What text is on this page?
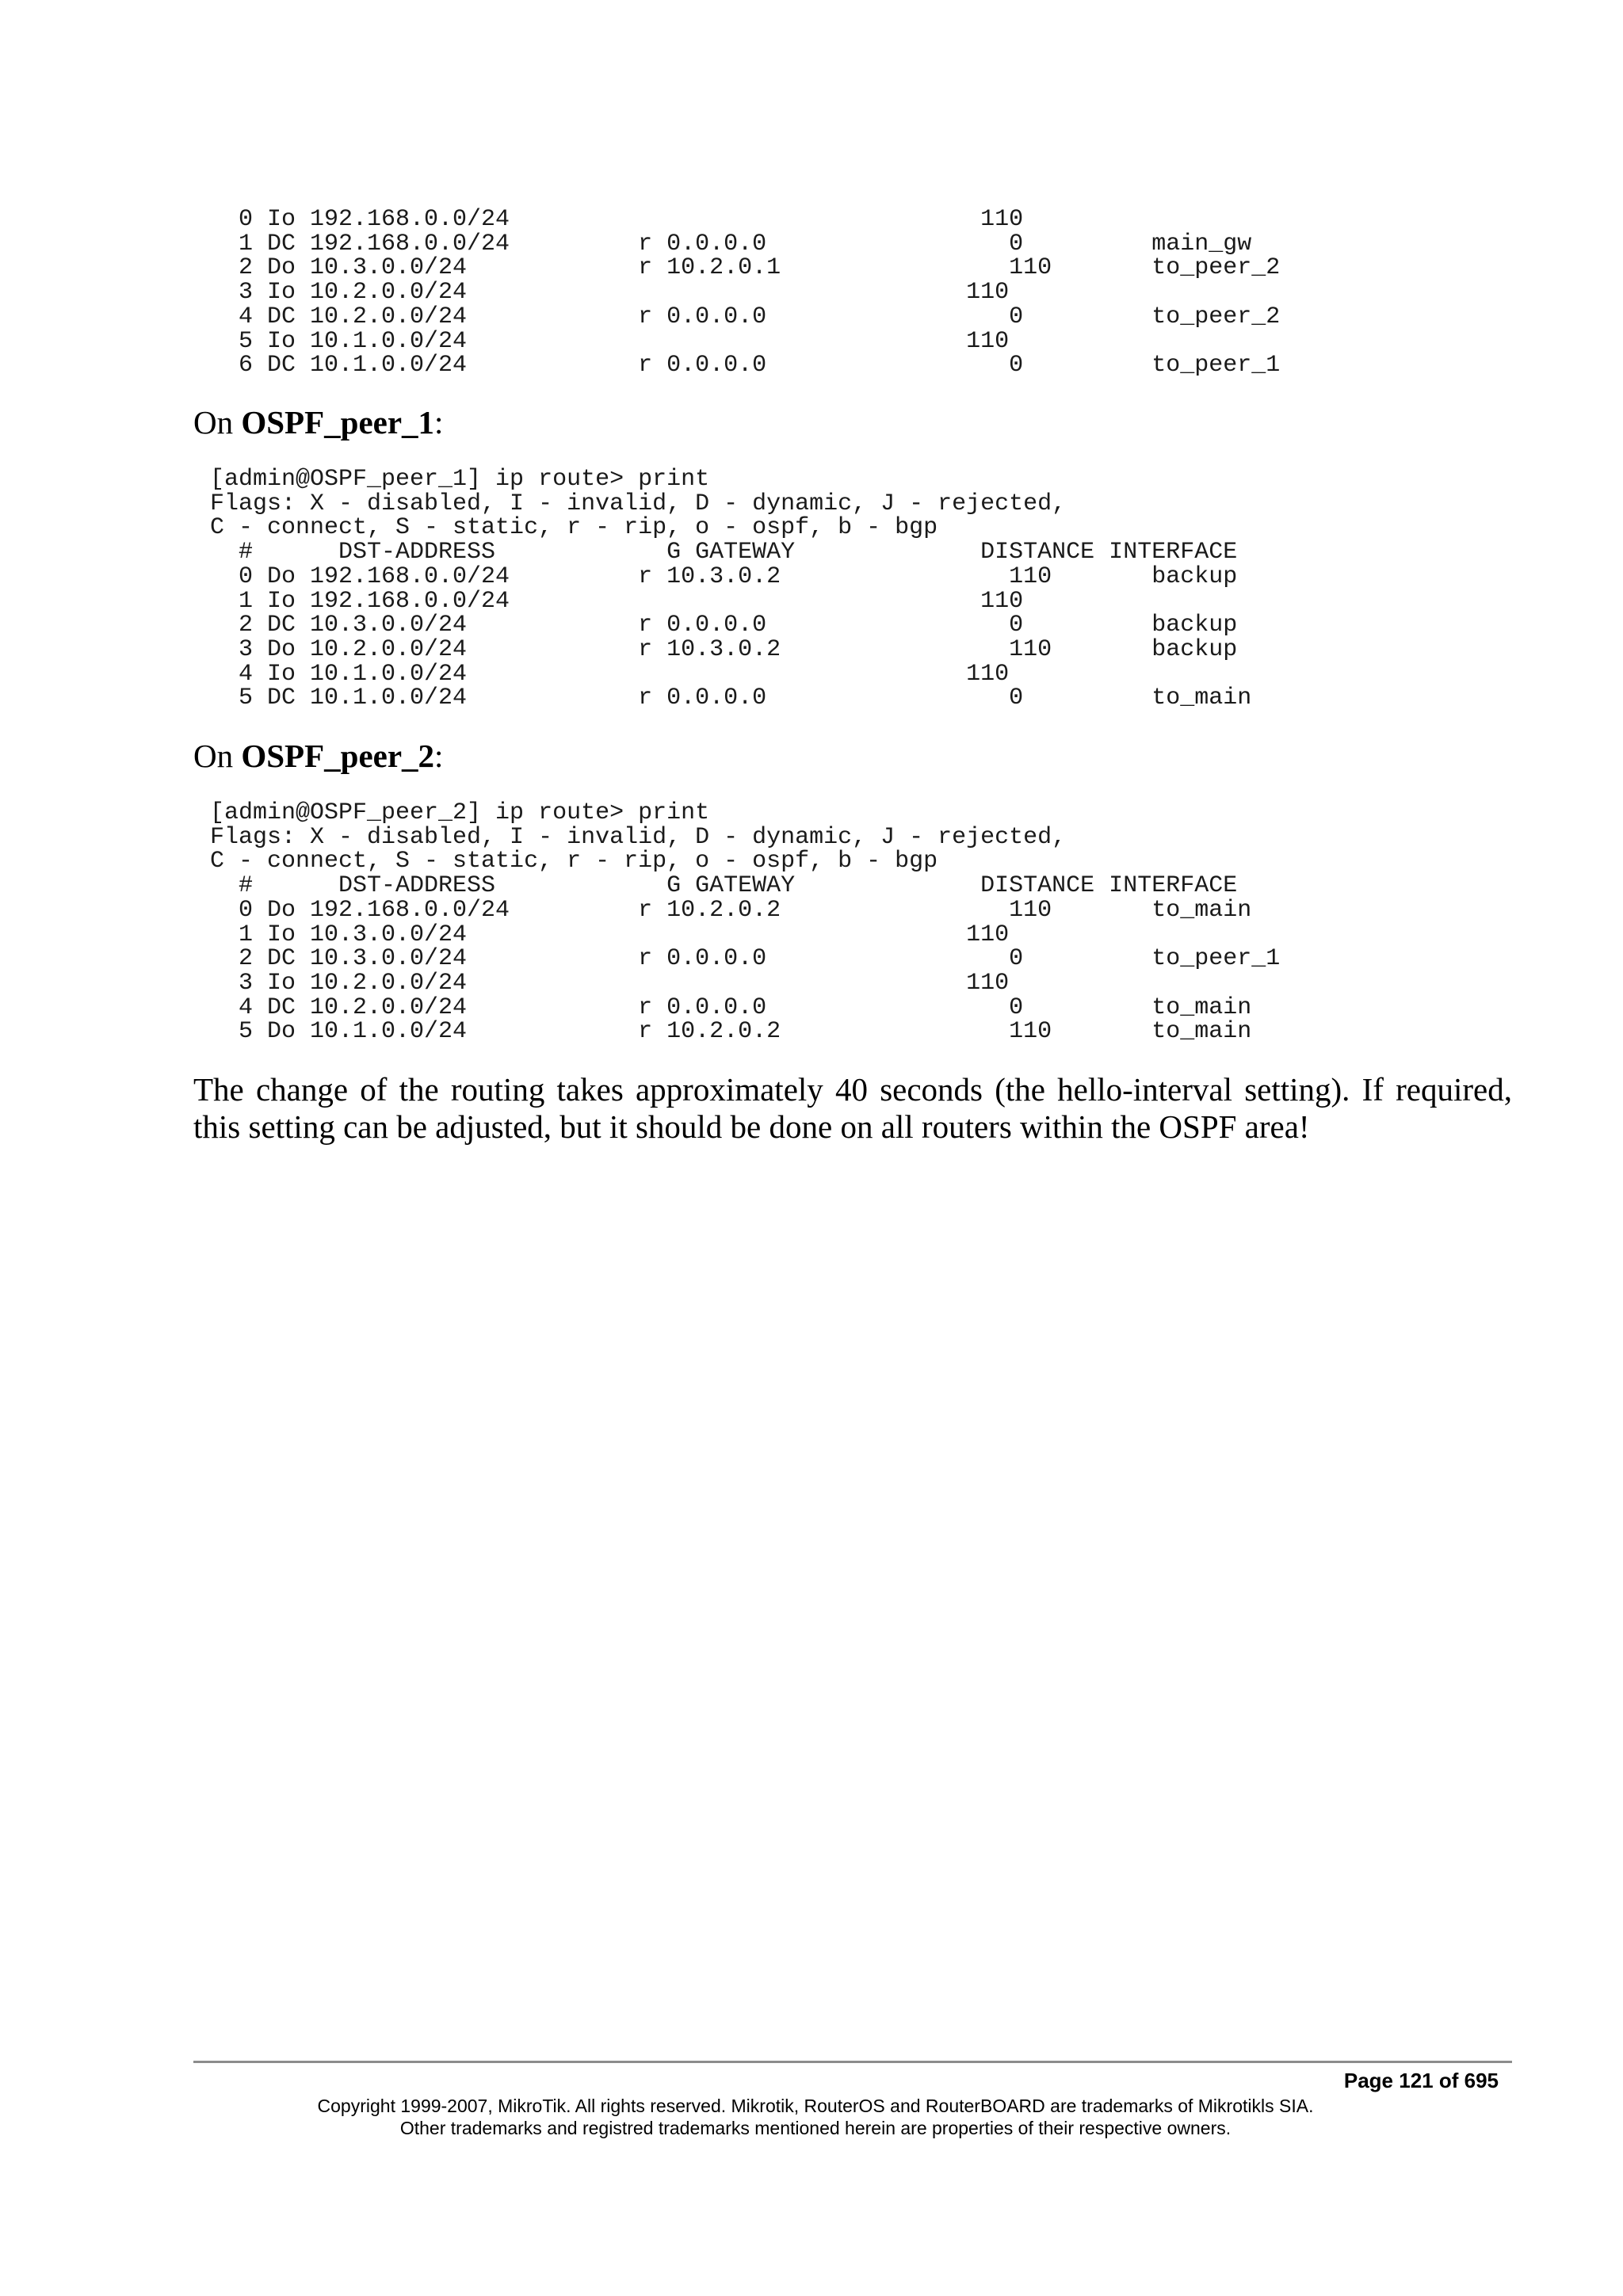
0 Io 192.168.0.0/24                                 110
1 DC 192.168.0.0/24         r 0.0.0.0                 0         main_gw
2 Do 10.3.0.0/24            r 10.2.0.1                110       to_peer_2
3 Io 10.2.0.0/24                                   110
4 DC 10.2.0.0/24            r 0.0.0.0                 0         to_peer_2
5 Io 10.1.0.0/24                                   110
6 DC 10.1.0.0/24            r 0.0.0.0                 0         to_peer_1

On OSPF_peer_1:

[admin@OSPF_peer_1] ip route> print
Flags: X - disabled, I - invalid, D - dynamic, J - rejected,
C - connect, S - static, r - rip, o - ospf, b - bgp
#      DST-ADDRESS            G GATEWAY             DISTANCE INTERFACE
0 Do 192.168.0.0/24         r 10.3.0.2                110       backup
1 Io 192.168.0.0/24                                 110
2 DC 10.3.0.0/24            r 0.0.0.0                 0         backup
3 Do 10.2.0.0/24            r 10.3.0.2                110       backup
4 Io 10.1.0.0/24                                   110
5 DC 10.1.0.0/24            r 0.0.0.0                 0         to_main

On OSPF_peer_2:

[admin@OSPF_peer_2] ip route> print
Flags: X - disabled, I - invalid, D - dynamic, J - rejected,
C - connect, S - static, r - rip, o - ospf, b - bgp
#      DST-ADDRESS            G GATEWAY             DISTANCE INTERFACE
0 Do 192.168.0.0/24         r 10.2.0.2                110       to_main
1 Io 10.3.0.0/24                                   110
2 DC 10.3.0.0/24            r 0.0.0.0                 0         to_peer_1
3 Io 10.2.0.0/24                                   110
4 DC 10.2.0.0/24            r 0.0.0.0                 0         to_main
5 Do 10.1.0.0/24            r 10.2.0.2                110       to_main

The change of the routing takes approximately 40 seconds (the hello-interval setting). If required, this setting can be adjusted, but it should be done on all routers within the OSPF area!

Page 121 of 695

Copyright 1999-2007, MikroTik. All rights reserved. Mikrotik, RouterOS and RouterBOARD are trademarks of Mikrotikls SIA.
Other trademarks and registred trademarks mentioned herein are properties of their respective owners.
